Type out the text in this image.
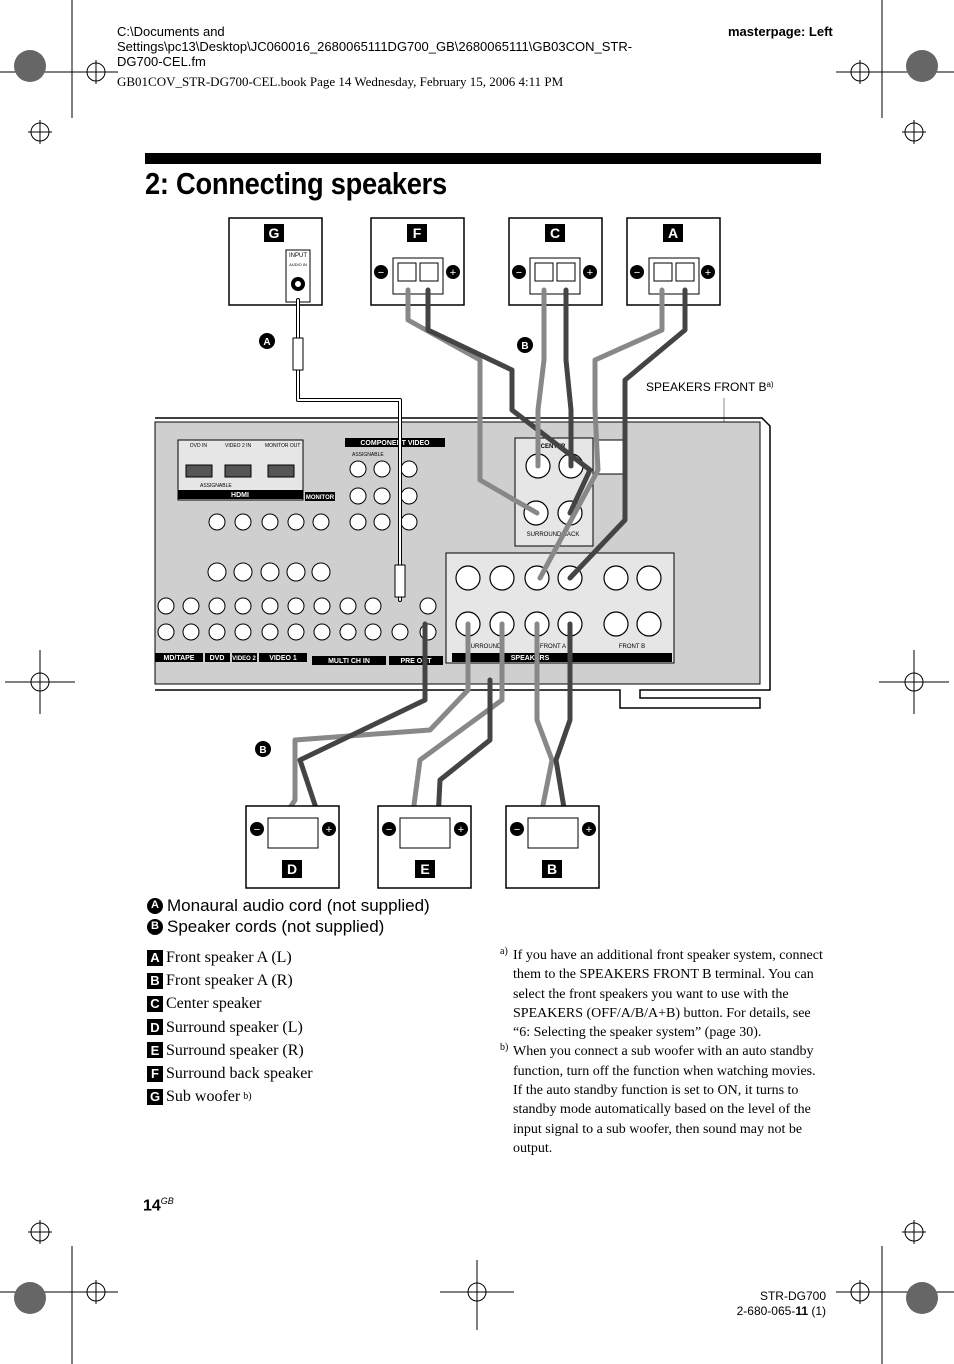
C:\Documents and Settings\pc13\Desktop\JC060016_2680065111DG700_GB\2680065111\GB03CON_STR-DG700-CEL.fm
masterpage: Left
GB01COV_STR-DG700-CEL.book Page 14 Wednesday, February 15, 2006 4:11 PM
2: Connecting speakers
G
INPUT
AUDIO IN
F
−	+
C
−	+
A
−	+
A	B
B
SPEAKERS FRONT $B^{a)}$
DVD IN	VIDEO 2 IN	MONITOR OUT
ASSIGNABLE
HDMI
COMPONENT VIDEO
ASSIGNABLE
MONITOR
MD/TAPE DVD VIDEO 2 VIDEO 1	MULTI CH IN	PRE OUT
CENTER
SURROUND BACK
SURROUND	FRONT A	FRONT B
SPEAKERS
−	+
D
−	+
E
−	+
B
A Monaural audio cord (not supplied)
B Speaker cords (not supplied)
A Front speaker A (L)
B Front speaker A (R)
C Center speaker
D Surround speaker (L)
E Surround speaker (R)
F Surround back speaker
G Sub woofer b)
a) If you have an additional front speaker system, connect them to the SPEAKERS FRONT B terminal. You can select the front speakers you want to use with the SPEAKERS (OFF/A/B/A+B) button. For details, see “6: Selecting the speaker system” (page 30).
b) When you connect a sub woofer with an auto standby function, turn off the function when watching movies. If the auto standby function is set to ON, it turns to standby mode automatically based on the level of the input signal to a sub woofer, then sound may not be output.
$14^{GB}$
STR-DG700
2-680-065-11 (1)
